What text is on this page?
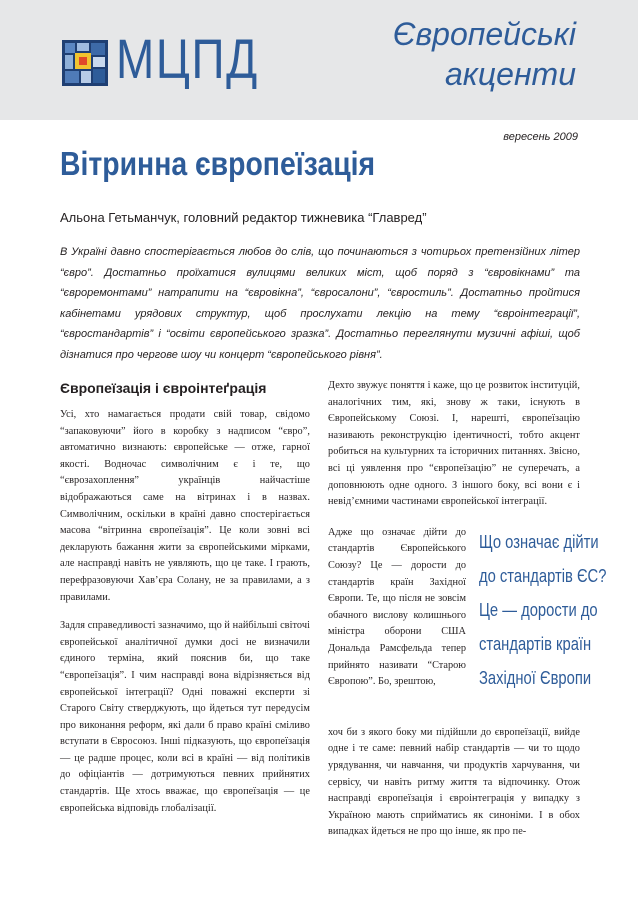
МЦПД	Європейські
акценти
вересень 2009
Вітринна європеїзація
Альона Гетьманчук, головний редактор тижневика “Главред”

В Україні давно спостерігається любов до слів, що починаються з чотирьох претензійних літер “євро”. Достатньо проїхатися вулицями великих міст, щоб поряд з “євровікнами” та “євроремонтами” натрапити на “євровікна”, “євросалони”, “євростиль”. Достатньо пройтися кабінетами урядових структур, щоб прослухати лекцію на тему “євроінтеграції”, “євростандартів” і “освіти європейського зразка”. Достатньо переглянути музичні афіші, щоб дізнатися про чергове шоу чи концерт “європейського рівня”.

Європеїзація і євроінтеґрація

Усі, хто намагається продати свій товар, свідомо “запаковуючи” його в коробку з надписом “євро”, автоматично визнають: європейське — отже, гарної якості. Водночас символічним є і те, що “єврозахоплення” українців найчастіше відображаються саме на вітринах і в назвах. Символічним, оскільки в країні давно спостерігається масова “вітринна європеїзація”. Це коли зовні всі декларують бажання жити за європейськими мірками, але насправді навіть не уявляють, що це таке. І грають, перефразовуючи Хав’єра Солану, не за правилами, а з правилами.

Задля справедливості зазначимо, що й найбільші світочі європейської аналітичної думки досі не визначили єдиного терміна, який пояснив би, що таке “європеїзація”. І чим насправді вона відрізняється від європейської інтеграції? Одні поважні експерти зі Старого Світу стверджують, що йдеться тут передусім про виконання реформ, які дали б право країні сміливо вступати в Євросоюз. Інші підказують, що європеїзація — це радше процес, коли всі в країні — від політиків до офіціантів — дотримуються певних прийнятих стандартів. Ще хтось вважає, що європеїзація — це європейська відповідь глобалізації.

Дехто звужує поняття і каже, що це розвиток інституцій, аналогічних тим, які, знову ж таки, існують в Європейському Союзі. І, нарешті, європеїзацію називають реконструкцію ідентичності, тобто акцент робиться на культурних та історичних питаннях. Звісно, всі ці уявлення про “європеїзацію” не суперечать, а доповнюють одне одного. З іншого боку, всі вони є і невід’ємними частинами європейської інтеграції.

Адже що означає дійти до стандартів Європейського Союзу? Це — дорости до стандартів країн Західної Європи. Те, що після не зовсім обачного вислову колишнього міністра оборони США Дональда Рамсфельда тепер прийнято називати “Старою Європою”. Бо, зрештою,

Що означає дійти
до стандартів ЄС?
Це — дорости до
стандартів країн
Західної Європи

хоч би з якого боку ми підійшли до європеїзації, вийде одне і те саме: певний набір стандартів — чи то щодо урядування, чи навчання, чи продуктів харчування, чи сервісу, чи навіть ритму життя та відпочинку. Отож насправді європеїзація і євроінтеграція у випадку з Україною мають сприйматись як синоніми. І в обох випадках йдеться не про що інше, як про пе-
